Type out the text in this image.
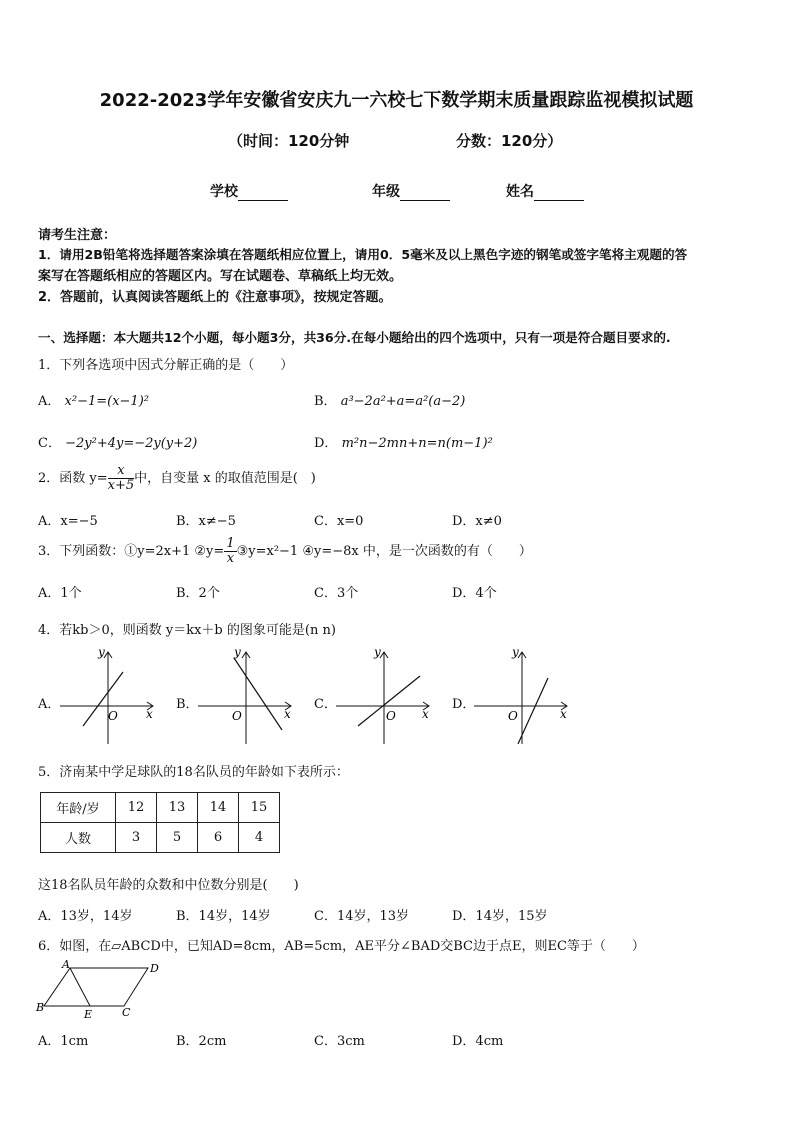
2022-2023学年安徽省安庆九一六校七下数学期末质量跟踪监视模拟试题
（时间：120分钟	分数：120分）
学校	年级	姓名
请考生注意：
1．请用2B铅笔将选择题答案涂填在答题纸相应位置上，请用0．5毫米及以上黑色字迹的钢笔或签字笔将主观题的答
案写在答题纸相应的答题区内。写在试题卷、草稿纸上均无效。
2．答题前，认真阅读答题纸上的《注意事项》，按规定答题。
一、选择题：本大题共12个小题，每小题3分，共36分.在每小题给出的四个选项中，只有一项是符合题目要求的.
1．下列各选项中因式分解正确的是（　　）
A． x²−1=(x−1)²	B． a³−2a²+a=a²(a−2)
C． −2y²+4y=−2y(y+2)	D． m²n−2mn+n=n(m−1)²
2．函数 $y= \frac{x}{x+5}$ 中，自变量 x 的取值范围是(　)
A．x=−5	B．x≠−5	C．x=0	D．x≠0
3．下列函数：①y=2x+1 ②y= $\frac{1}{x}$ ③y=x²−1 ④y=−8x 中，是一次函数的有（　　）
A．1个	B．2个	C．3个	D．4个
4．若kb＞0，则函数 y＝kx＋b 的图象可能是(n n)
A．
y
x
O
B．
y
x
O
C．
y
x
O
D．
y
x
O
5．济南某中学足球队的18名队员的年龄如下表所示：
年龄/岁	12	13	14	15
人数	3	5	6	4
这18名队员年龄的众数和中位数分别是(　　)
A．13岁，14岁	B．14岁，14岁	C．14岁，13岁	D．14岁，15岁
6．如图，在▱ABCD中，已知AD=8cm，AB=5cm，AE平分∠BAD交BC边于点E，则EC等于（　　）
A	D
B
E	C
A．1cm	B．2cm	C．3cm	D．4cm
